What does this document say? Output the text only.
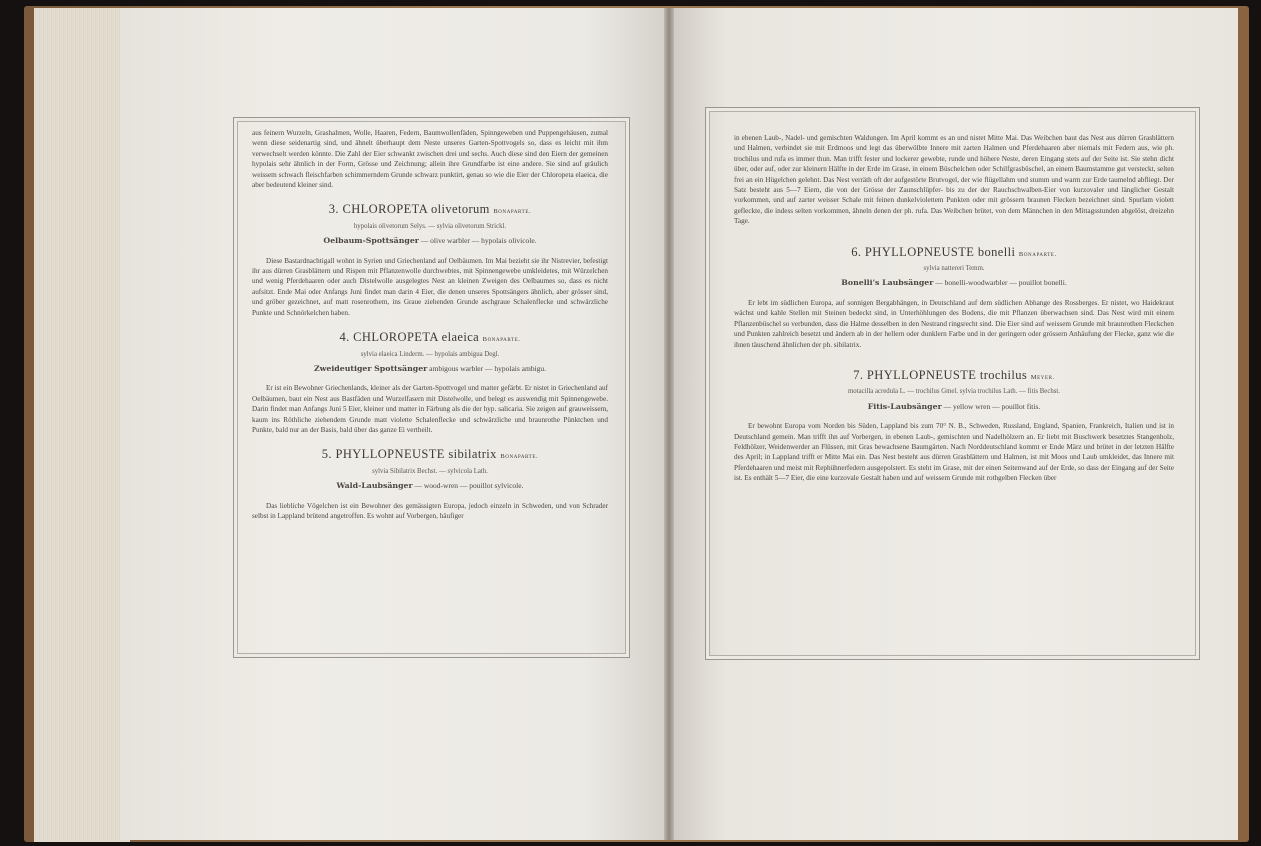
aus feinern Wurzeln, Grashalmen, Wolle, Haaren, Federn, Baumwollenfäden, Spinngeweben und Puppengehäusen, zumal wenn diese seidenartig sind, und ähnelt überhaupt dem Neste unseres Garten-Spottvogels so, dass es leicht mit ihm verwechselt werden könnte. Die Zahl der Eier schwankt zwischen drei und sechs. Auch diese sind den Eiern der gemeinen hypolais sehr ähnlich in der Form, Grösse und Zeichnung; allein ihre Grundfarbe ist eine andere. Sie sind auf gräulich weissem schwach fleischfarben schimmerndem Grunde schwarz punktirt, genau so wie die Eier der Chloropeta elaeica, die aber bedeutend kleiner sind.

3. CHLOROPETA olivetorum Bonaparte.
hypolais olivetorum Selys. — sylvia olivetorum Strickl.
Oelbaum-Spottsänger — olive warbler — hypolais olivicole.

Diese Bastardnachtigall wohnt in Syrien und Griechenland auf Oelbäumen. Im Mai bezieht sie ihr Nistrevier, befestigt ihr aus dürren Grasblättern und Rispen mit Pflanzenwolle durchwebtes, mit Spinnengewebe umkleidetes, mit Würzelchen und wenig Pferdehaaren oder auch Distelwolle ausgelegtes Nest an kleinen Zweigen des Oelbaumes so, dass es nicht aufsitzt. Ende Mai oder Anfangs Juni findet man darin 4 Eier, die denen unseres Spottsängers ähnlich, aber grösser sind, und gröber gezeichnet, auf matt rosenrothem, ins Graue ziehenden Grunde aschgraue Schalenflecke und schwärzliche Punkte und Schnörkelchen haben.

4. CHLOROPETA elaeica Bonaparte.
sylvia elaeica Linderm. — hypolais ambigua Degl.
Zweideutiger Spottsänger ambigous warbler — hypolais ambigu.

Er ist ein Bewohner Griechenlands, kleiner als der Garten-Spottvogel und matter gefärbt. Er nistet in Griechenland auf Oelbäumen, baut ein Nest aus Bastfäden und Wurzelfasern mit Distelwolle, und belegt es auswendig mit Spinnengewebe. Darin findet man Anfangs Juni 5 Eier, kleiner und matter in Färbung als die der hyp. salicaria. Sie zeigen auf grauweissem, kaum ins Röthliche ziehendem Grunde matt violette Schalenflecke und schwärzliche und braunrothe Pünktchen und Punkte, bald nur an der Basis, bald über das ganze Ei vertheilt.

5. PHYLLOPNEUSTE sibilatrix Bonaparte.
sylvia Sibilatrix Bechst. — sylvicola Lath.
Wald-Laubsänger — wood-wren — pouillot sylvicole.

Das liebliche Vögelchen ist ein Bewohner des gemässigten Europa, jedoch einzeln in Schweden, und von Schrader selbst in Lappland brütend angetroffen. Es wohnt auf Vorbergen, häufiger

in ebenen Laub-, Nadel- und gemischten Waldungen. Im April kommt es an und nistet Mitte Mai. Das Weibchen baut das Nest aus dürren Grasblättern und Halmen, verbindet sie mit Erdmoos und legt das überwölbte Innere mit zarten Halmen und Pferdehaaren aber niemals mit Federn aus, wie ph. trochilus und rufa es immer thun. Man trifft fester und lockerer gewebte, runde und höhere Neste, deren Eingang stets auf der Seite ist. Sie stehn dicht über, oder auf, oder zur kleinern Hälfte in der Erde im Grase, in einem Büschelchen oder Schilfgrasbüschel, an einem Baumstamme gut versteckt, selten frei an ein Hügelchen gelehnt. Das Nest verräth oft der aufgestörte Brutvogel, der wie flügellahm und stumm und warm zur Erde taumelnd abfliegt. Der Satz besteht aus 5—7 Eiern, die von der Grösse der Zaunschlüpfer- bis zu der der Rauchschwalben-Eier von kurzovaler und länglicher Gestalt vorkommen, und auf zarter weisser Schale mit feinen dunkelviolettem Punkten oder mit grössern braunen Flecken bezeichnet sind. Spurlam violett gefleckte, die indess selten vorkommen, ähneln denen der ph. rufa. Das Weibchen brütet, von dem Männchen in den Mittagsstunden abgelöst, dreizehn Tage.

6. PHYLLOPNEUSTE bonelli Bonaparte.
sylvia nattereri Temm.
Bonelli's Laubsänger — bonelli-woodwarbler — pouillot bonelli.

Er lebt im südlichen Europa, auf sonnigen Bergabhängen, in Deutschland auf dem südlichen Abhange des Rossberges. Er nistet, wo Haidekraut wächst und kahle Stellen mit Steinen bedeckt sind, in Unterhöhlungen des Bodens, die mit Pflanzen überwachsen sind. Das Nest wird mit einem Pflanzenbüschel so verbunden, dass die Halme desselben in den Nestrand ringsrecht sind. Die Eier sind auf weissem Grunde mit braunrothen Fleckchen und Punkten zahlreich besetzt und ändern ab in der hellern oder dunklern Farbe und in der geringern oder grössern Anhäufung der Flecke, ganz wie die ihnen täuschend ähnlichen der ph. sibilatrix.

7. PHYLLOPNEUSTE trochilus Meyer.
motacilla acredula L. — trochilus Gmel. sylvia trochilus Lath. — fitis Bechst.
Fitis-Laubsänger — yellow wren — pouillot fitis.

Er bewohnt Europa vom Norden bis Süden, Lappland bis zum 70° N. B., Schweden, Russland, England, Spanien, Frankreich, Italien und ist in Deutschland gemein. Man trifft ihn auf Vorbergen, in ebenen Laub-, gemischten und Nadelhölzern an. Er liebt mit Buschwerk besetztes Stangenholz, Feldhölzer, Weidenwerder an Flüssen, mit Gras bewachsene Baumgärten. Nach Norddeutschland kommt er Ende März und brütet in der letzten Hälfte des April; in Lappland trifft er Mitte Mai ein. Das Nest besteht aus dürren Grasblättern und Halmen, ist mit Moos und Laub umkleidet, das Innere mit Pferdehaaren und meist mit Rephühnerfedern ausgepolstert. Es steht im Grase, mit der einen Seitenwand auf der Erde, so dass der Eingang auf der Seite ist. Es enthält 5—7 Eier, die eine kurzovale Gestalt haben und auf weissem Grunde mit rothgelben Flecken über
